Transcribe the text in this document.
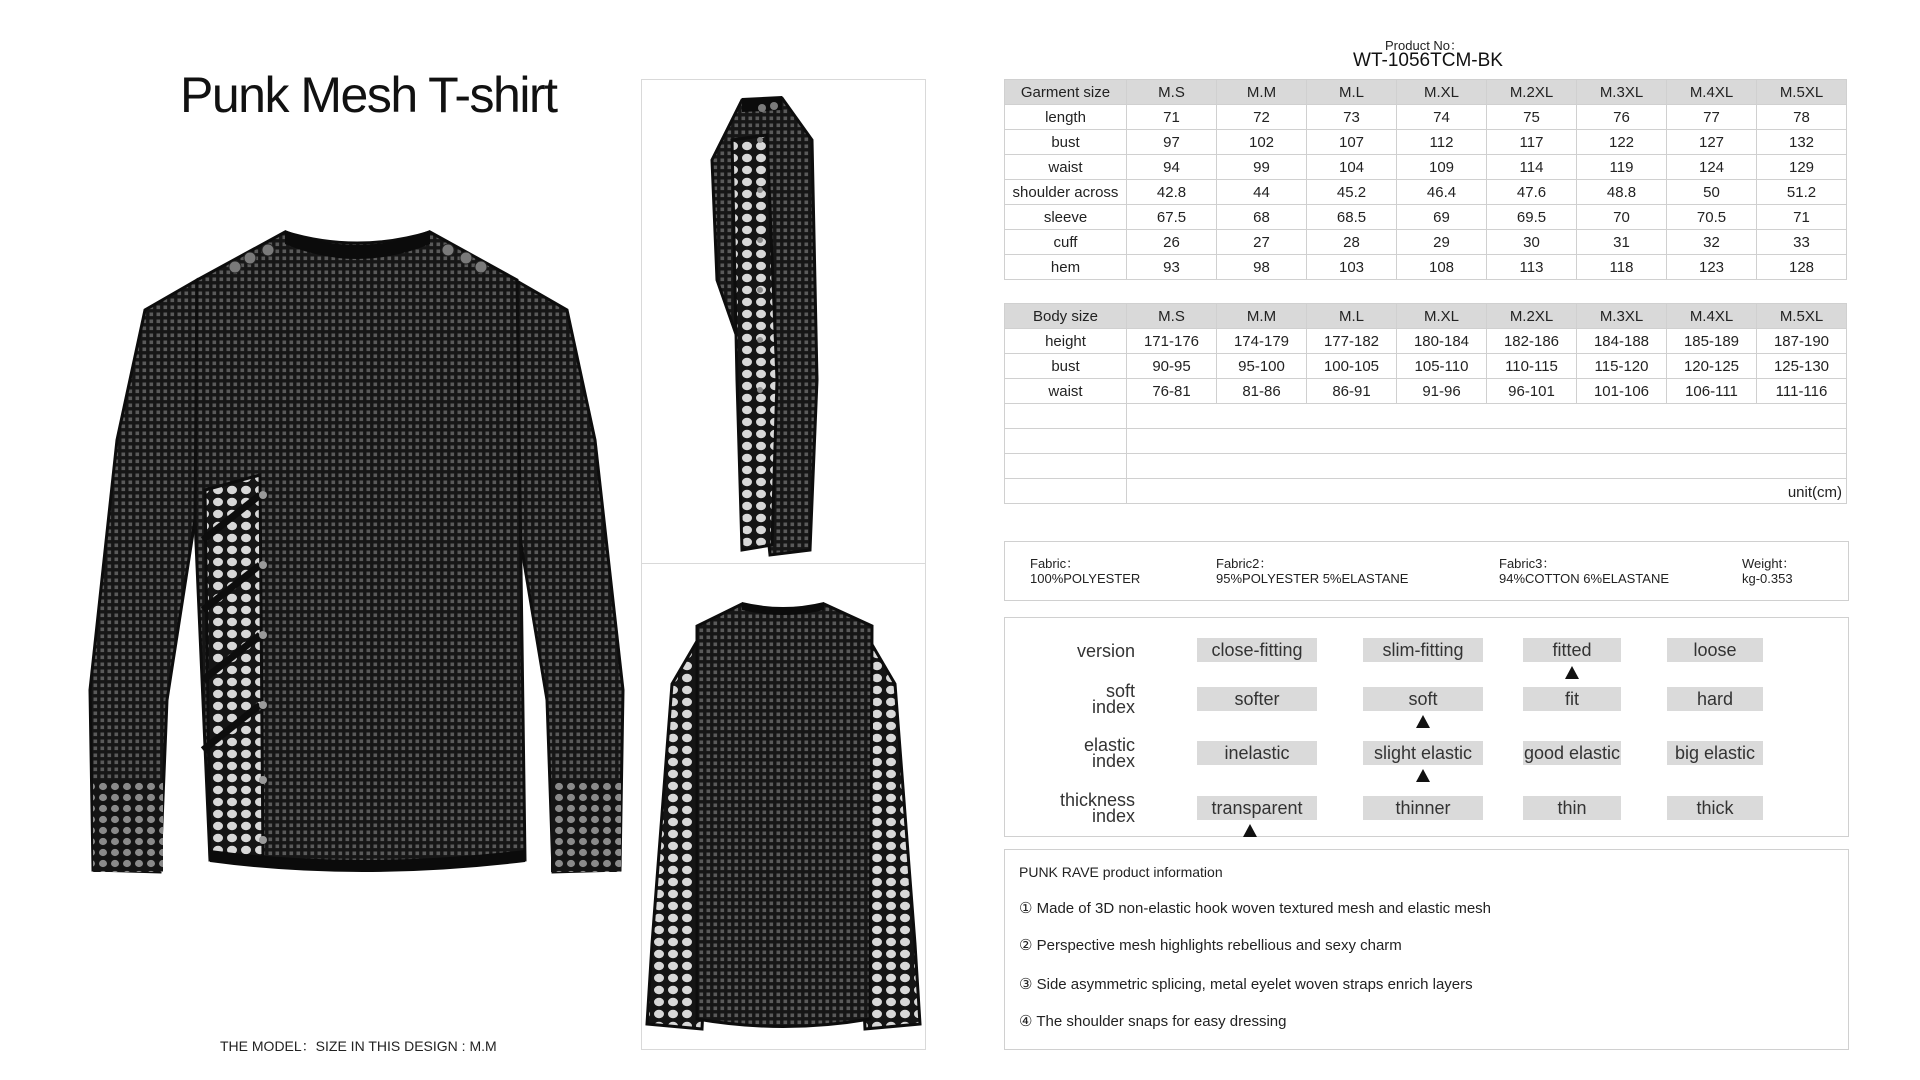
Punk Mesh T-shirt
THE MODEL：SIZE IN THIS DESIGN : M.M
Product No：
WT-1056TCM-BK
Garment size	M.S	M.M	M.L	M.XL	M.2XL	M.3XL	M.4XL	M.5XL
length	71	72	73	74	75	76	77	78
bust	97	102	107	112	117	122	127	132
waist	94	99	104	109	114	119	124	129
shoulder across	42.8	44	45.2	46.4	47.6	48.8	50	51.2
sleeve	67.5	68	68.5	69	69.5	70	70.5	71
cuff	26	27	28	29	30	31	32	33
hem	93	98	103	108	113	118	123	128
Body size	M.S	M.M	M.L	M.XL	M.2XL	M.3XL	M.4XL	M.5XL
height	171-176	174-179	177-182	180-184	182-186	184-188	185-189	187-190
bust	90-95	95-100	100-105	105-110	110-115	115-120	120-125	125-130
waist	76-81	81-86	86-91	91-96	96-101	101-106	106-111	111-116

	unit(cm)							
Fabric：
100%POLYESTER
Fabric2：
95%POLYESTER 5%ELASTANE
Fabric3：
94%COTTON 6%ELASTANE
Weight：
kg-0.353
version	close-fitting	slim-fitting	fitted	loose
soft
index	softer	soft	fit	hard
elastic
index	inelastic	slight elastic	good elastic	big elastic
thickness
index	transparent	thinner	thin	thick
PUNK RAVE product information
① Made of 3D non-elastic hook woven textured mesh and elastic mesh
② Perspective mesh highlights rebellious and sexy charm
③ Side asymmetric splicing, metal eyelet woven straps enrich layers
④ The shoulder snaps for easy dressing
